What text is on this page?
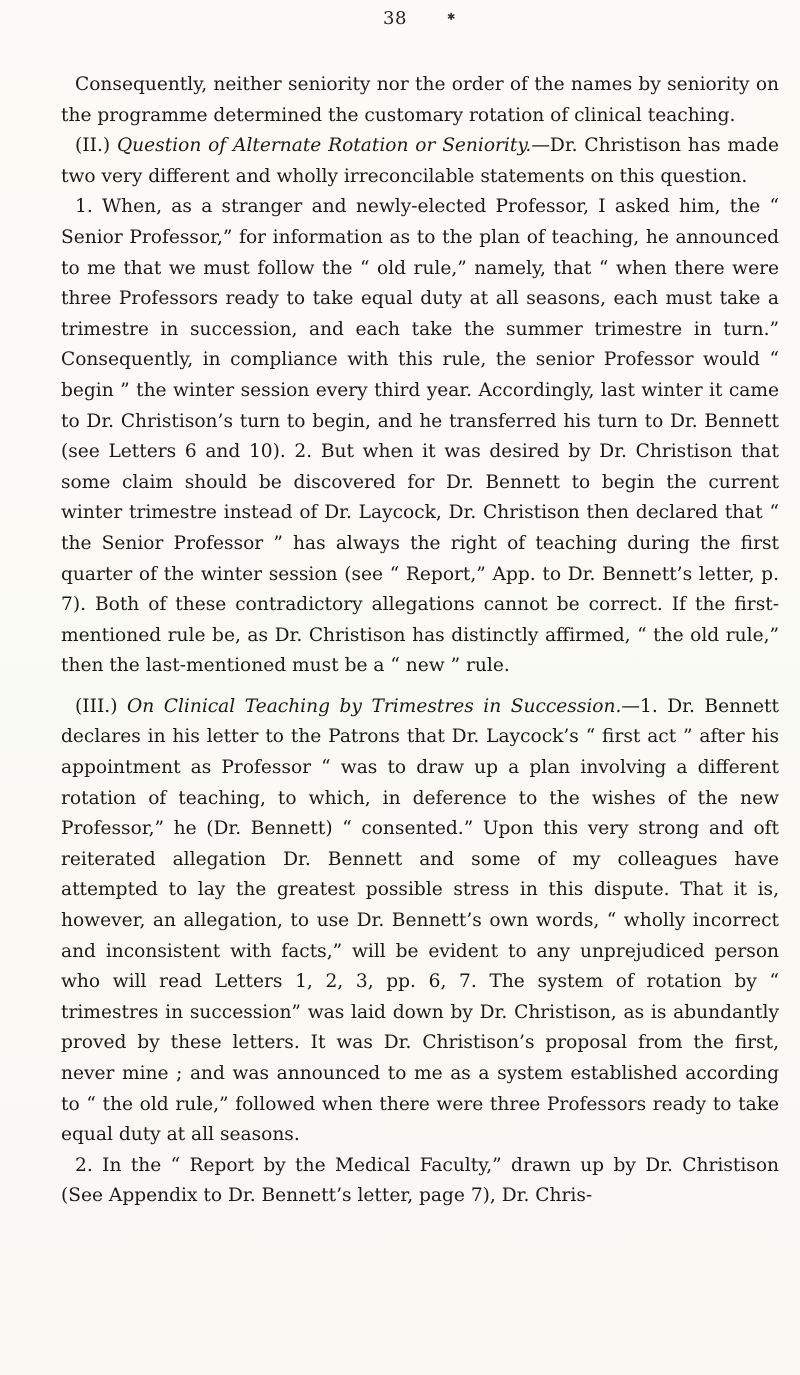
38	✱

Consequently, neither seniority nor the order of the names by seniority on the programme determined the customary rotation of clinical teaching.

(II.) Question of Alternate Rotation or Seniority.—Dr. Christison has made two very different and wholly irreconcilable statements on this question.

1. When, as a stranger and newly-elected Professor, I asked him, the “ Senior Professor,” for information as to the plan of teaching, he announced to me that we must follow the “ old rule,” namely, that “ when there were three Professors ready to take equal duty at all seasons, each must take a trimestre in succession, and each take the summer trimestre in turn.” Consequently, in compliance with this rule, the senior Professor would “ begin ” the winter session every third year. Accordingly, last winter it came to Dr. Christison’s turn to begin, and he transferred his turn to Dr. Bennett (see Letters 6 and 10). 2. But when it was desired by Dr. Christison that some claim should be discovered for Dr. Bennett to begin the current winter trimestre instead of Dr. Laycock, Dr. Christison then declared that “ the Senior Professor ” has always the right of teaching during the first quarter of the winter session (see “ Report,” App. to Dr. Bennett’s letter, p. 7). Both of these contradictory allegations cannot be correct. If the first-mentioned rule be, as Dr. Christison has distinctly affirmed, “ the old rule,” then the last-mentioned must be a “ new ” rule.

(III.) On Clinical Teaching by Trimestres in Succession.—1. Dr. Bennett declares in his letter to the Patrons that Dr. Laycock’s “ first act ” after his appointment as Professor “ was to draw up a plan involving a different rotation of teaching, to which, in deference to the wishes of the new Professor,” he (Dr. Bennett) “ consented.” Upon this very strong and oft reiterated allegation Dr. Bennett and some of my colleagues have attempted to lay the greatest possible stress in this dispute. That it is, however, an allegation, to use Dr. Bennett’s own words, “ wholly incorrect and inconsistent with facts,” will be evident to any unprejudiced person who will read Letters 1, 2, 3, pp. 6, 7. The system of rotation by “ trimestres in succession” was laid down by Dr. Christison, as is abundantly proved by these letters. It was Dr. Christison’s proposal from the first, never mine ; and was announced to me as a system established according to “ the old rule,” followed when there were three Professors ready to take equal duty at all seasons.

2. In the “ Report by the Medical Faculty,” drawn up by Dr. Christison (See Appendix to Dr. Bennett’s letter, page 7), Dr. Chris-
